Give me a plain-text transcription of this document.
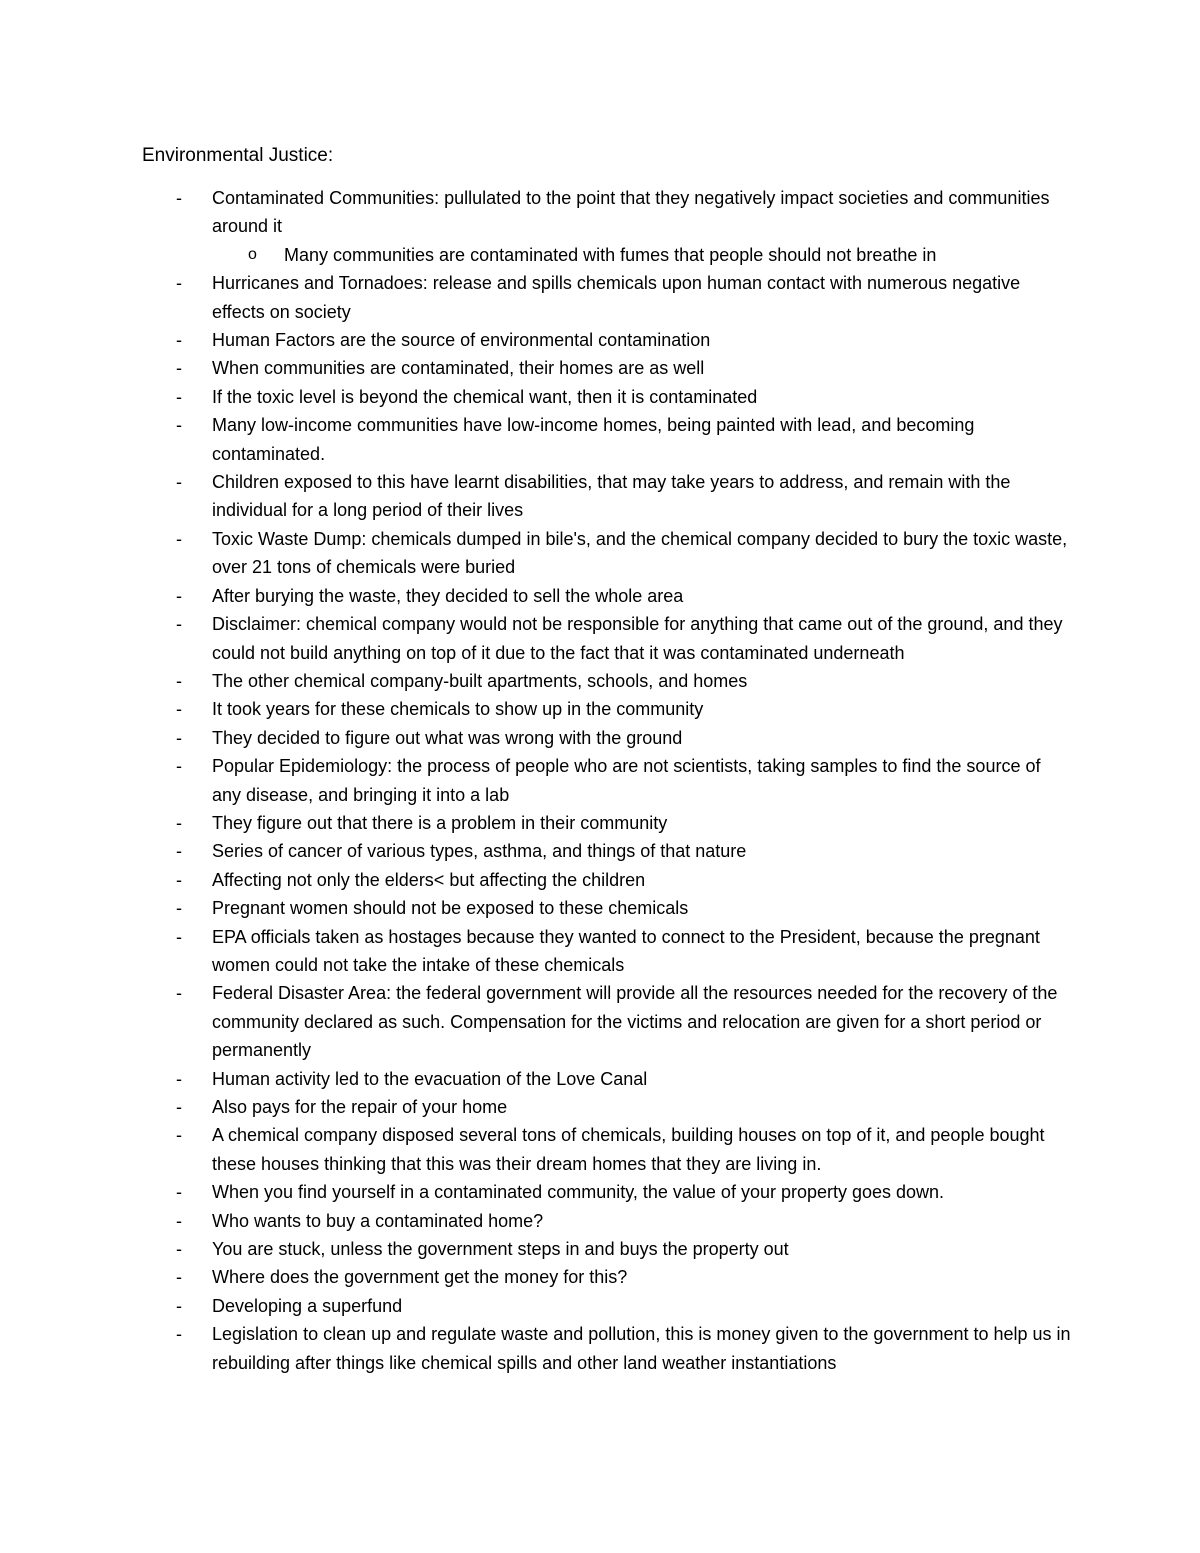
Environmental Justice:
- Contaminated Communities: pullulated to the point that they negatively impact societies and communities around it
o Many communities are contaminated with fumes that people should not breathe in
- Hurricanes and Tornadoes: release and spills chemicals upon human contact with numerous negative effects on society
- Human Factors are the source of environmental contamination
- When communities are contaminated, their homes are as well
- If the toxic level is beyond the chemical want, then it is contaminated
- Many low-income communities have low-income homes, being painted with lead, and becoming contaminated.
- Children exposed to this have learnt disabilities, that may take years to address, and remain with the individual for a long period of their lives
- Toxic Waste Dump: chemicals dumped in bile's, and the chemical company decided to bury the toxic waste, over 21 tons of chemicals were buried
- After burying the waste, they decided to sell the whole area
- Disclaimer: chemical company would not be responsible for anything that came out of the ground, and they could not build anything on top of it due to the fact that it was contaminated underneath
- The other chemical company-built apartments, schools, and homes
- It took years for these chemicals to show up in the community
- They decided to figure out what was wrong with the ground
- Popular Epidemiology: the process of people who are not scientists, taking samples to find the source of any disease, and bringing it into a lab
- They figure out that there is a problem in their community
- Series of cancer of various types, asthma, and things of that nature
- Affecting not only the elders< but affecting the children
- Pregnant women should not be exposed to these chemicals
- EPA officials taken as hostages because they wanted to connect to the President, because the pregnant women could not take the intake of these chemicals
- Federal Disaster Area: the federal government will provide all the resources needed for the recovery of the community declared as such. Compensation for the victims and relocation are given for a short period or permanently
- Human activity led to the evacuation of the Love Canal
- Also pays for the repair of your home
- A chemical company disposed several tons of chemicals, building houses on top of it, and people bought these houses thinking that this was their dream homes that they are living in.
- When you find yourself in a contaminated community, the value of your property goes down.
- Who wants to buy a contaminated home?
- You are stuck, unless the government steps in and buys the property out
- Where does the government get the money for this?
- Developing a superfund
- Legislation to clean up and regulate waste and pollution, this is money given to the government to help us in rebuilding after things like chemical spills and other land weather instantiations
